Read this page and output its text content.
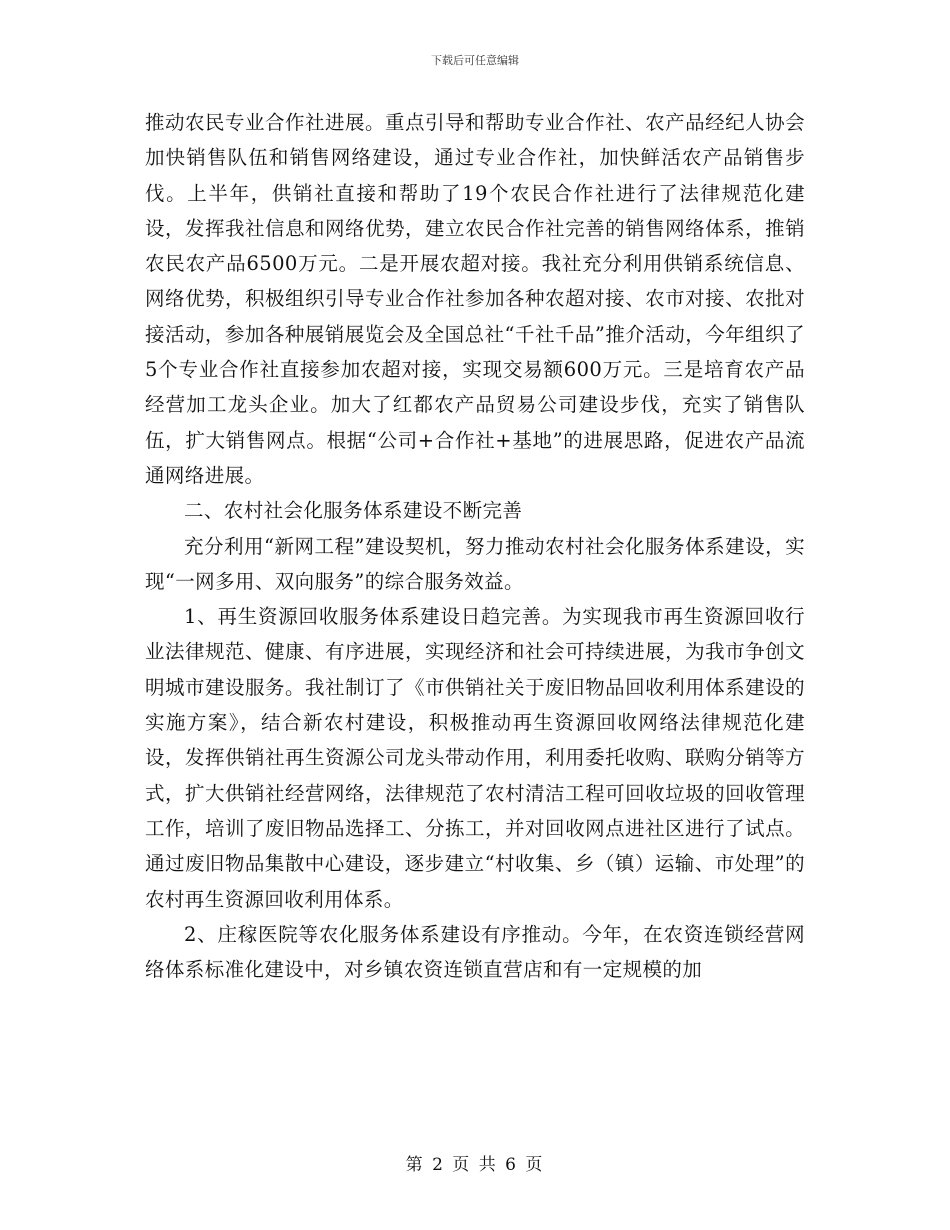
下载后可任意编辑

推动农民专业合作社进展。重点引导和帮助专业合作社、农产品经纪人协会加快销售队伍和销售网络建设，通过专业合作社，加快鲜活农产品销售步伐。上半年，供销社直接和帮助了19个农民合作社进行了法律规范化建设，发挥我社信息和网络优势，建立农民合作社完善的销售网络体系，推销农民农产品6500万元。二是开展农超对接。我社充分利用供销系统信息、网络优势，积极组织引导专业合作社参加各种农超对接、农市对接、农批对接活动，参加各种展销展览会及全国总社“千社千品”推介活动，今年组织了5个专业合作社直接参加农超对接，实现交易额600万元。三是培育农产品经营加工龙头企业。加大了红都农产品贸易公司建设步伐，充实了销售队伍，扩大销售网点。根据“公司+合作社+基地”的进展思路，促进农产品流通网络进展。

二、农村社会化服务体系建设不断完善

充分利用“新网工程”建设契机，努力推动农村社会化服务体系建设，实现“一网多用、双向服务”的综合服务效益。

1、再生资源回收服务体系建设日趋完善。为实现我市再生资源回收行业法律规范、健康、有序进展，实现经济和社会可持续进展，为我市争创文明城市建设服务。我社制订了《市供销社关于废旧物品回收利用体系建设的实施方案》，结合新农村建设，积极推动再生资源回收网络法律规范化建设，发挥供销社再生资源公司龙头带动作用，利用委托收购、联购分销等方式，扩大供销社经营网络，法律规范了农村清洁工程可回收垃圾的回收管理工作，培训了废旧物品选择工、分拣工，并对回收网点进社区进行了试点。通过废旧物品集散中心建设，逐步建立“村收集、乡（镇）运输、市处理”的农村再生资源回收利用体系。

2、庄稼医院等农化服务体系建设有序推动。今年，在农资连锁经营网络体系标准化建设中，对乡镇农资连锁直营店和有一定规模的加

第 2 页 共 6 页
